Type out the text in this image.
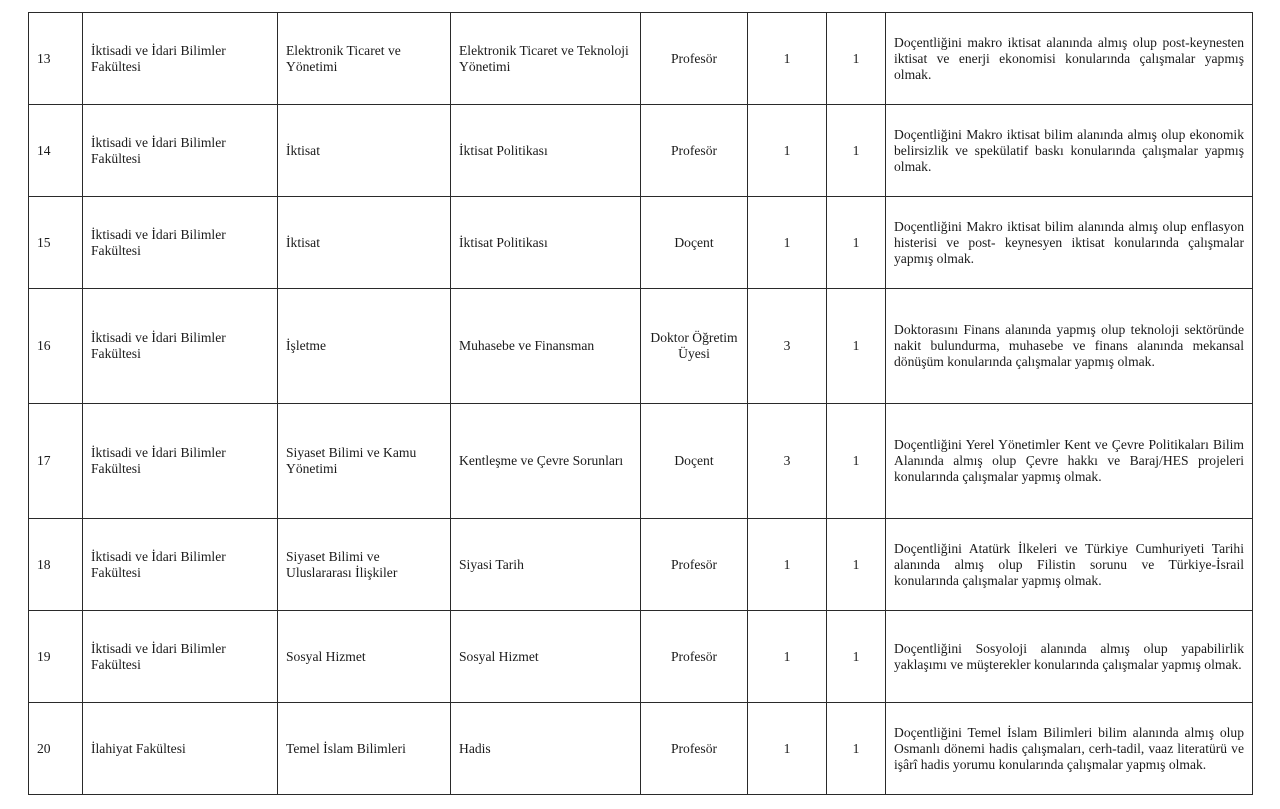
13	İktisadi ve İdari Bilimler Fakültesi	Elektronik Ticaret ve Yönetimi	Elektronik Ticaret ve Teknoloji Yönetimi	Profesör	1	1	Doçentliğini makro iktisat alanında almış olup post-keynesten iktisat ve enerji ekonomisi konularında çalışmalar yapmış olmak.
14	İktisadi ve İdari Bilimler Fakültesi	İktisat	İktisat Politikası	Profesör	1	1	Doçentliğini Makro iktisat bilim alanında almış olup ekonomik belirsizlik ve spekülatif baskı konularında çalışmalar yapmış olmak.
15	İktisadi ve İdari Bilimler Fakültesi	İktisat	İktisat Politikası	Doçent	1	1	Doçentliğini Makro iktisat bilim alanında almış olup enflasyon histerisi ve post- keynesyen iktisat konularında çalışmalar yapmış olmak.
16	İktisadi ve İdari Bilimler Fakültesi	İşletme	Muhasebe ve Finansman	Doktor Öğretim Üyesi	3	1	Doktorasını Finans alanında yapmış olup teknoloji sektöründe nakit bulundurma, muhasebe ve finans alanında mekansal dönüşüm konularında çalışmalar yapmış olmak.
17	İktisadi ve İdari Bilimler Fakültesi	Siyaset Bilimi ve Kamu Yönetimi	Kentleşme ve Çevre Sorunları	Doçent	3	1	Doçentliğini Yerel Yönetimler Kent ve Çevre Politikaları Bilim Alanında almış olup Çevre hakkı ve Baraj/HES projeleri konularında çalışmalar yapmış olmak.
18	İktisadi ve İdari Bilimler Fakültesi	Siyaset Bilimi ve Uluslararası İlişkiler	Siyasi Tarih	Profesör	1	1	Doçentliğini Atatürk İlkeleri ve Türkiye Cumhuriyeti Tarihi alanında almış olup Filistin sorunu ve Türkiye-İsrail konularında çalışmalar yapmış olmak.
19	İktisadi ve İdari Bilimler Fakültesi	Sosyal Hizmet	Sosyal Hizmet	Profesör	1	1	Doçentliğini Sosyoloji alanında almış olup yapabilirlik yaklaşımı ve müşterekler konularında çalışmalar yapmış olmak.
20	İlahiyat Fakültesi	Temel İslam Bilimleri	Hadis	Profesör	1	1	Doçentliğini Temel İslam Bilimleri bilim alanında almış olup Osmanlı dönemi hadis çalışmaları, cerh-tadil, vaaz literatürü ve işârî hadis yorumu konularında çalışmalar yapmış olmak.
